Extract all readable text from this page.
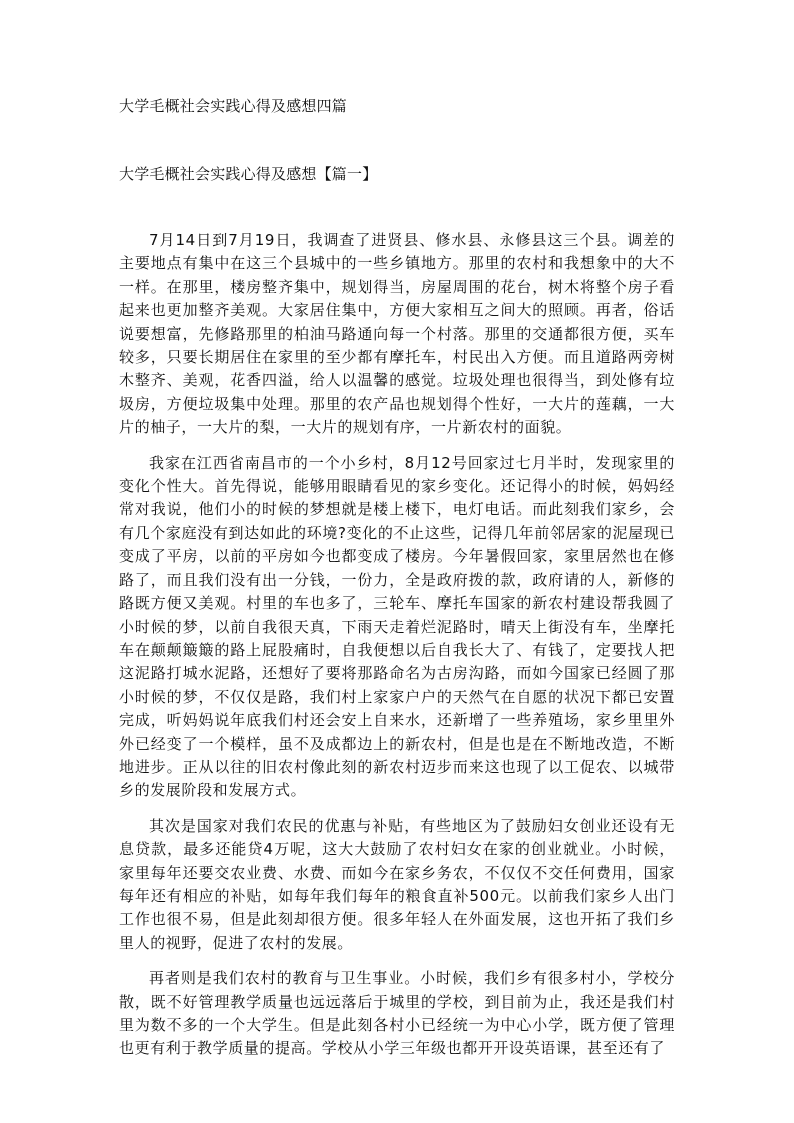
大学毛概社会实践心得及感想四篇
大学毛概社会实践心得及感想【篇一】

7月14日到7月19日，我调查了进贤县、修水县、永修县这三个县。调差的主要地点有集中在这三个县城中的一些乡镇地方。那里的农村和我想象中的大不一样。在那里，楼房整齐集中，规划得当，房屋周围的花台，树木将整个房子看起来也更加整齐美观。大家居住集中，方便大家相互之间大的照顾。再者，俗话说要想富，先修路那里的柏油马路通向每一个村落。那里的交通都很方便，买车较多，只要长期居住在家里的至少都有摩托车，村民出入方便。而且道路两旁树木整齐、美观，花香四溢，给人以温馨的感觉。垃圾处理也很得当，到处修有垃圾房，方便垃圾集中处理。那里的农产品也规划得个性好，一大片的莲藕，一大片的柚子，一大片的梨，一大片的规划有序，一片新农村的面貌。

我家在江西省南昌市的一个小乡村，8月12号回家过七月半时，发现家里的变化个性大。首先得说，能够用眼睛看见的家乡变化。还记得小的时候，妈妈经常对我说，他们小的时候的梦想就是楼上楼下，电灯电话。而此刻我们家乡，会有几个家庭没有到达如此的环境?变化的不止这些，记得几年前邻居家的泥屋现已变成了平房，以前的平房如今也都变成了楼房。今年暑假回家，家里居然也在修路了，而且我们没有出一分钱，一份力，全是政府拨的款，政府请的人，新修的路既方便又美观。村里的车也多了，三轮车、摩托车国家的新农村建设帮我圆了小时候的梦，以前自我很天真，下雨天走着烂泥路时，晴天上街没有车，坐摩托车在颠颠簸簸的路上屁股痛时，自我便想以后自我长大了、有钱了，定要找人把这泥路打城水泥路，还想好了要将那路命名为古房沟路，而如今国家已经圆了那小时候的梦，不仅仅是路，我们村上家家户户的天然气在自愿的状况下都已安置完成，听妈妈说年底我们村还会安上自来水，还新增了一些养殖场，家乡里里外外已经变了一个模样，虽不及成都边上的新农村，但是也是在不断地改造，不断地进步。正从以往的旧农村像此刻的新农村迈步而来这也现了以工促农、以城带乡的发展阶段和发展方式。

其次是国家对我们农民的优惠与补贴，有些地区为了鼓励妇女创业还设有无息贷款，最多还能贷4万呢，这大大鼓励了农村妇女在家的创业就业。小时候，家里每年还要交农业费、水费、而如今在家乡务农，不仅仅不交任何费用，国家每年还有相应的补贴，如每年我们每年的粮食直补500元。以前我们家乡人出门工作也很不易，但是此刻却很方便。很多年轻人在外面发展，这也开拓了我们乡里人的视野，促进了农村的发展。

再者则是我们农村的教育与卫生事业。小时候，我们乡有很多村小，学校分散，既不好管理教学质量也远远落后于城里的学校，到目前为止，我还是我们村里为数不多的一个大学生。但是此刻各村小已经统一为中心小学，既方便了管理也更有利于教学质量的提高。学校从小学三年级也都开开设英语课，甚至还有了
